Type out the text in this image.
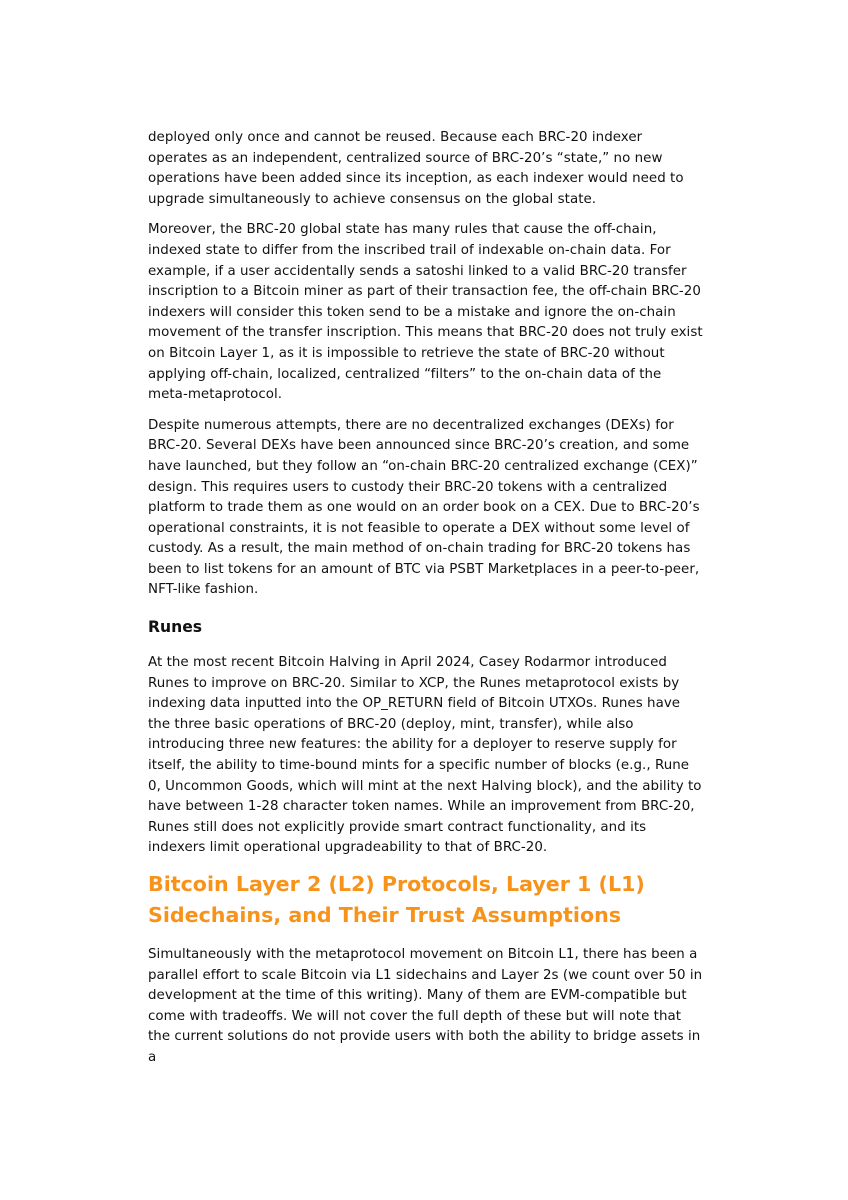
deployed only once and cannot be reused. Because each BRC-20 indexer operates as an independent, centralized source of BRC-20’s “state,” no new operations have been added since its inception, as each indexer would need to upgrade simultaneously to achieve consensus on the global state.

Moreover, the BRC-20 global state has many rules that cause the off-chain, indexed state to differ from the inscribed trail of indexable on-chain data. For example, if a user accidentally sends a satoshi linked to a valid BRC-20 transfer inscription to a Bitcoin miner as part of their transaction fee, the off-chain BRC-20 indexers will consider this token send to be a mistake and ignore the on-chain movement of the transfer inscription. This means that BRC-20 does not truly exist on Bitcoin Layer 1, as it is impossible to retrieve the state of BRC-20 without applying off-chain, localized, centralized “filters” to the on-chain data of the meta-metaprotocol.

Despite numerous attempts, there are no decentralized exchanges (DEXs) for BRC-20. Several DEXs have been announced since BRC-20’s creation, and some have launched, but they follow an “on-chain BRC-20 centralized exchange (CEX)” design. This requires users to custody their BRC-20 tokens with a centralized platform to trade them as one would on an order book on a CEX. Due to BRC-20’s operational constraints, it is not feasible to operate a DEX without some level of custody. As a result, the main method of on-chain trading for BRC-20 tokens has been to list tokens for an amount of BTC via PSBT Marketplaces in a peer-to-peer, NFT-like fashion.

Runes

At the most recent Bitcoin Halving in April 2024, Casey Rodarmor introduced Runes to improve on BRC-20. Similar to XCP, the Runes metaprotocol exists by indexing data inputted into the OP_RETURN field of Bitcoin UTXOs. Runes have the three basic operations of BRC-20 (deploy, mint, transfer), while also introducing three new features: the ability for a deployer to reserve supply for itself, the ability to time-bound mints for a specific number of blocks (e.g., Rune 0, Uncommon Goods, which will mint at the next Halving block), and the ability to have between 1-28 character token names. While an improvement from BRC-20, Runes still does not explicitly provide smart contract functionality, and its indexers limit operational upgradeability to that of BRC-20.

Bitcoin Layer 2 (L2) Protocols, Layer 1 (L1) Sidechains, and Their Trust Assumptions

Simultaneously with the metaprotocol movement on Bitcoin L1, there has been a parallel effort to scale Bitcoin via L1 sidechains and Layer 2s (we count over 50 in development at the time of this writing). Many of them are EVM-compatible but come with tradeoffs. We will not cover the full depth of these but will note that the current solutions do not provide users with both the ability to bridge assets in a
